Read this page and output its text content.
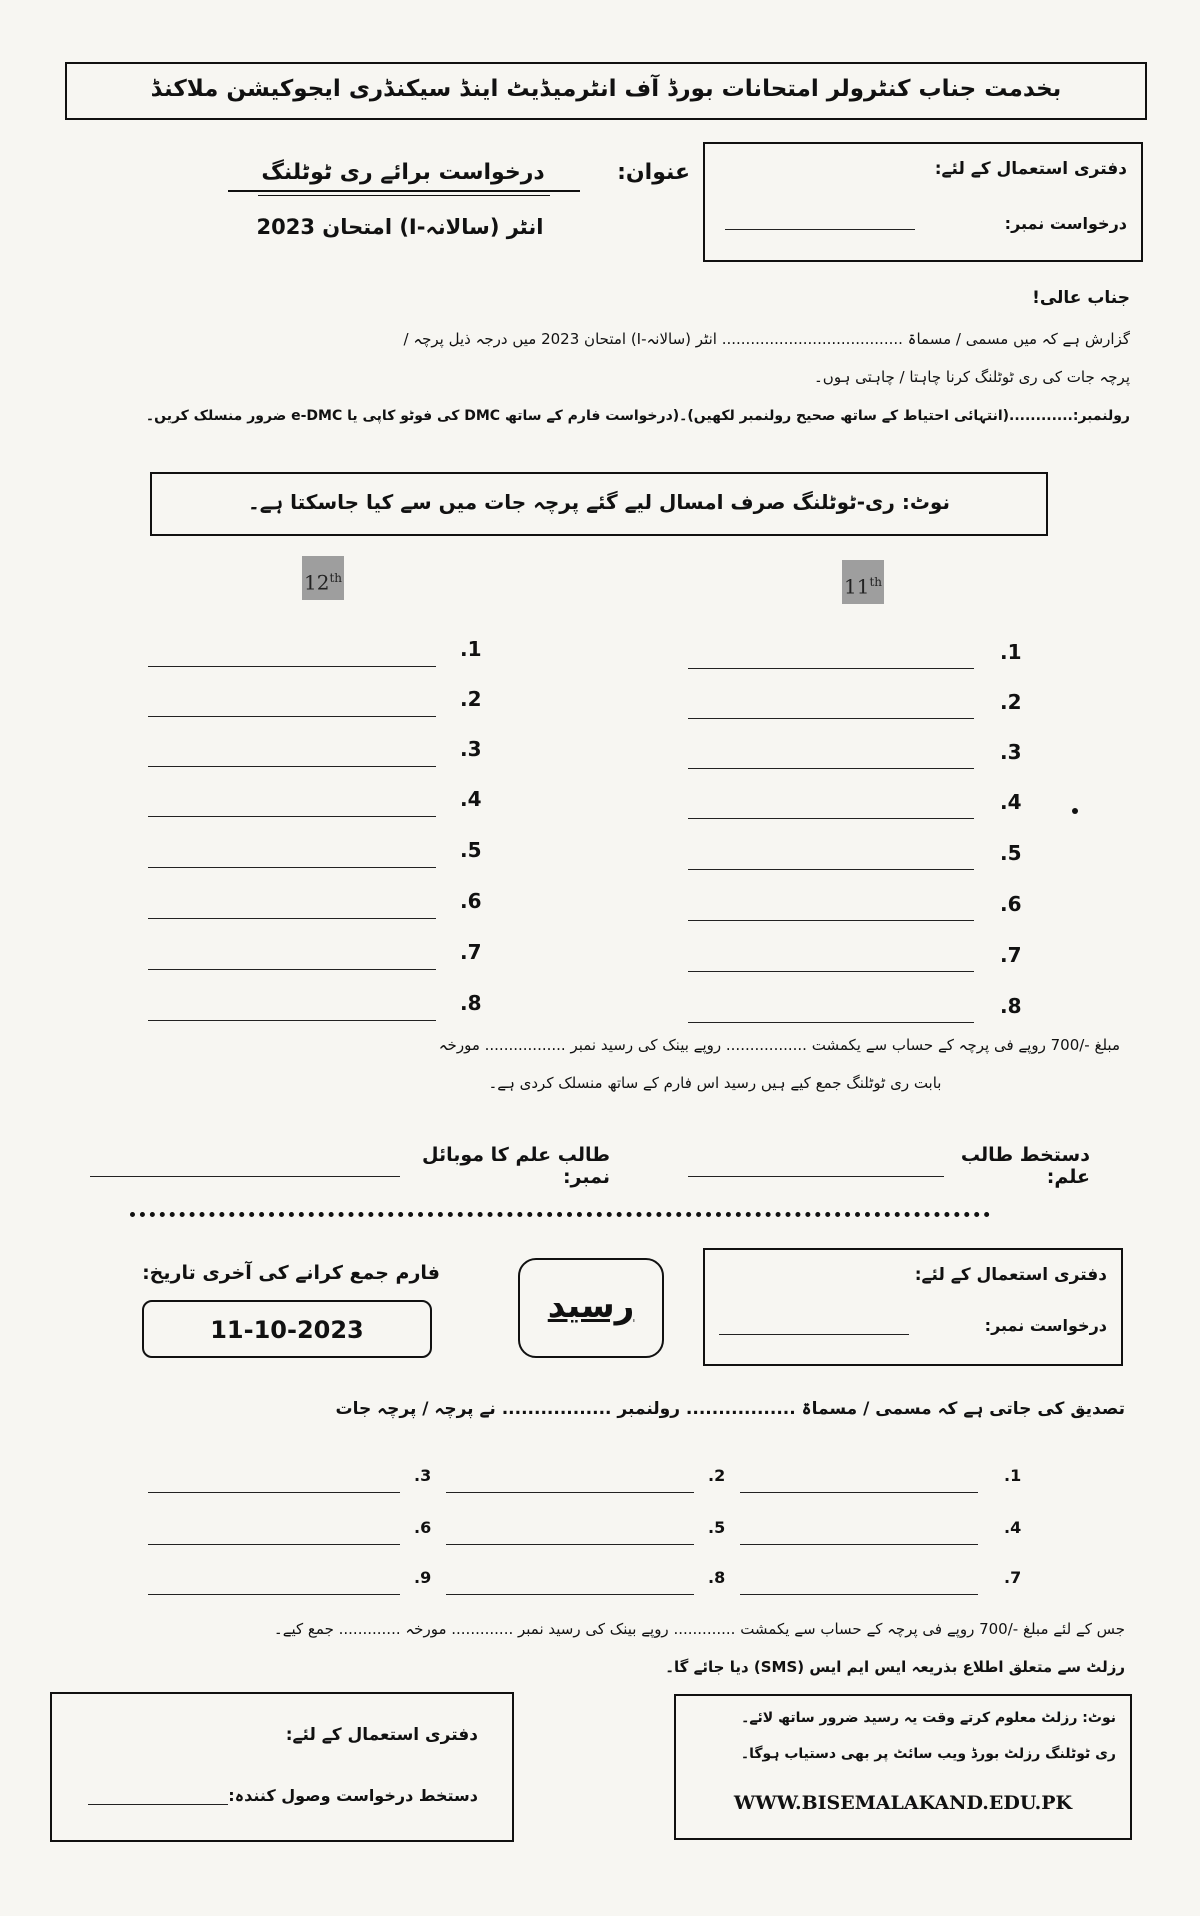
بخدمت جناب کنٹرولر امتحانات بورڈ آف انٹرمیڈیٹ اینڈ سیکنڈری ایجوکیشن ملاکنڈ
دفتری استعمال کے لئے:
درخواست نمبر:
عنوان:
درخواست برائے ری ٹوٹلنگ
انٹر (سالانہ-I) امتحان 2023
جناب عالی!
گزارش ہے کہ میں مسمی / مسماۃ ...................................... انٹر (سالانہ-I) امتحان 2023 میں درجہ ذیل پرچہ /
پرچہ جات کی ری ٹوٹلنگ کرنا چاہتا / چاہتی ہوں۔
رولنمبر:............(انتہائی احتیاط کے ساتھ صحیح رولنمبر لکھیں)۔(درخواست فارم کے ساتھ DMC کی فوٹو کاپی یا e-DMC ضرور منسلک کریں۔
نوٹ: ری-ٹوٹلنگ صرف امسال لیے گئے پرچہ جات میں سے کیا جاسکتا ہے۔
12th	11th
.1
.2
.3
.4
.5
.6
.7
.8
.1
.2
.3
.4
.5
.6
.7
.8
مبلغ -/700 روپے فی پرچہ کے حساب سے یکمشت ................. روپے بینک کی رسید نمبر ................. مورخہ
بابت ری ٹوٹلنگ جمع کیے ہیں رسید اس فارم کے ساتھ منسلک کردی ہے۔
دستخط طالب علم:
طالب علم کا موبائل نمبر:
فارم جمع کرانے کی آخری تاریخ:
11-10-2023
رسید
دفتری استعمال کے لئے:
درخواست نمبر:
تصدیق کی جاتی ہے کہ مسمی / مسماۃ ................. رولنمبر ................. نے پرچہ / پرچہ جات
.1
.2
.3
.4
.5
.6
.7
.8
.9
جس کے لئے مبلغ -/700 روپے فی پرچہ کے حساب سے یکمشت ............. روپے بینک کی رسید نمبر ............. مورخہ ............. جمع کیے۔
رزلٹ سے متعلق اطلاع بذریعہ ایس ایم ایس (SMS) دیا جائے گا۔
دفتری استعمال کے لئے:
دستخط درخواست وصول کنندہ:
نوٹ: رزلٹ معلوم کرتے وقت یہ رسید ضرور ساتھ لائے۔
ری ٹوٹلنگ رزلٹ بورڈ ویب سائٹ پر بھی دستیاب ہوگا۔
WWW.BISEMALAKAND.EDU.PK
